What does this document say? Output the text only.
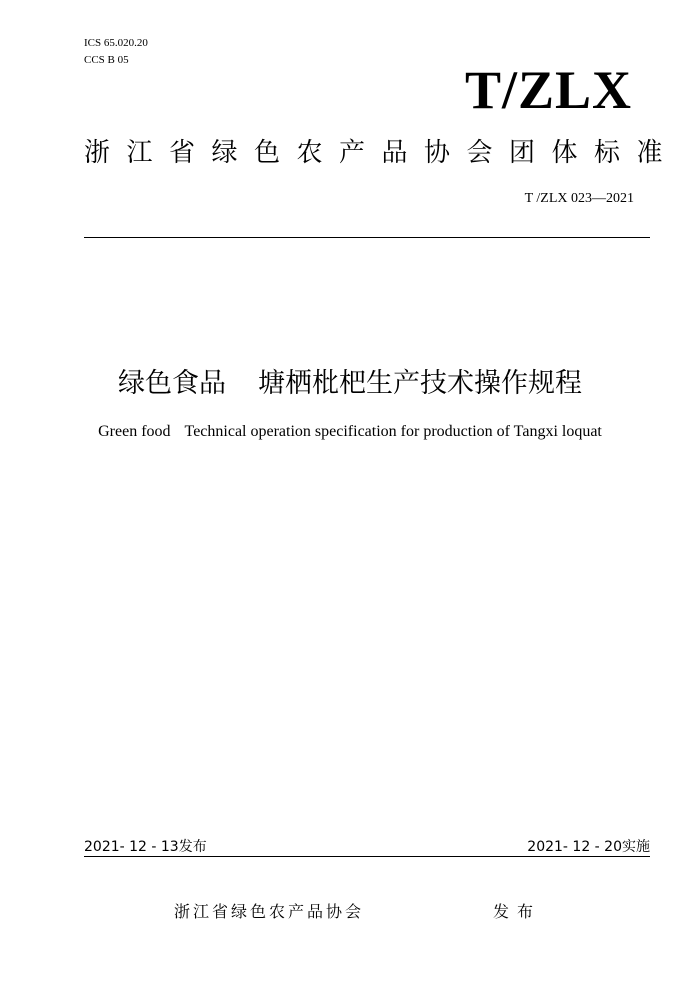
ICS 65.020.20
CCS B 05	T/ZLX
浙江省绿色农产品协会团体标准
T /ZLX 023—2021
绿色食品 塘栖枇杷生产技术操作规程
Green food Technical operation specification for production of Tangxi loquat
2021- 12 - 13发布	2021- 12 - 20实施
浙江省绿色农产品协会	发布
